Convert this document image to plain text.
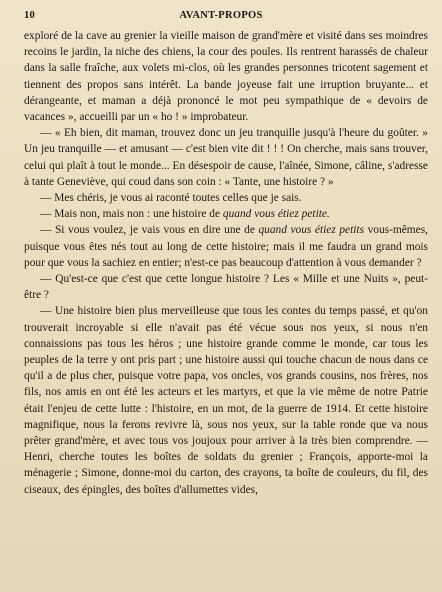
10	AVANT-PROPOS

exploré de la cave au grenier la vieille maison de grand'mère et visité dans ses moindres recoins le jardin, la niche des chiens, la cour des poules. Ils rentrent harassés de chaleur dans la salle fraîche, aux volets mi-clos, où les grandes personnes tricotent sagement et tiennent des propos sans intérêt. La bande joyeuse fait une irruption bruyante... et dérangeante, et maman a déjà prononcé le mot peu sympathique de « devoirs de vacances », accueilli par un « ho ! » improbateur.

— « Eh bien, dit maman, trouvez donc un jeu tranquille jusqu'à l'heure du goûter. » Un jeu tranquille — et amusant — c'est bien vite dit ! ! ! On cherche, mais sans trouver, celui qui plaît à tout le monde... En désespoir de cause, l'aînée, Simone, câline, s'adresse à tante Geneviève, qui coud dans son coin : « Tante, une histoire ? »

— Mes chéris, je vous ai raconté toutes celles que je sais.

— Mais non, mais non : une histoire de quand vous étiez petite.

— Si vous voulez, je vais vous en dire une de quand vous étiez petits vous-mêmes, puisque vous êtes nés tout au long de cette histoire; mais il me faudra un grand mois pour que vous la sachiez en entier; n'est-ce pas beaucoup d'attention à vous demander ?

— Qu'est-ce que c'est que cette longue histoire ? Les « Mille et une Nuits », peut-être ?

— Une histoire bien plus merveilleuse que tous les contes du temps passé, et qu'on trouverait incroyable si elle n'avait pas été vécue sous nos yeux, si nous n'en connaissions pas tous les héros ; une histoire grande comme le monde, car tous les peuples de la terre y ont pris part ; une histoire aussi qui touche chacun de nous dans ce qu'il a de plus cher, puisque votre papa, vos oncles, vos grands cousins, nos frères, nos fils, nos amis en ont été les acteurs et les martyrs, et que la vie même de notre Patrie était l'enjeu de cette lutte : l'histoire, en un mot, de la guerre de 1914. Et cette histoire magnifique, nous la ferons revivre là, sous nos yeux, sur la table ronde que va nous prêter grand'mère, et avec tous vos joujoux pour arriver à la très bien comprendre. — Henri, cherche toutes les boîtes de soldats du grenier ; François, apporte-moi la ménagerie ; Simone, donne-moi du carton, des crayons, ta boîte de couleurs, du fil, des ciseaux, des épingles, des boîtes d'allumettes vides,
